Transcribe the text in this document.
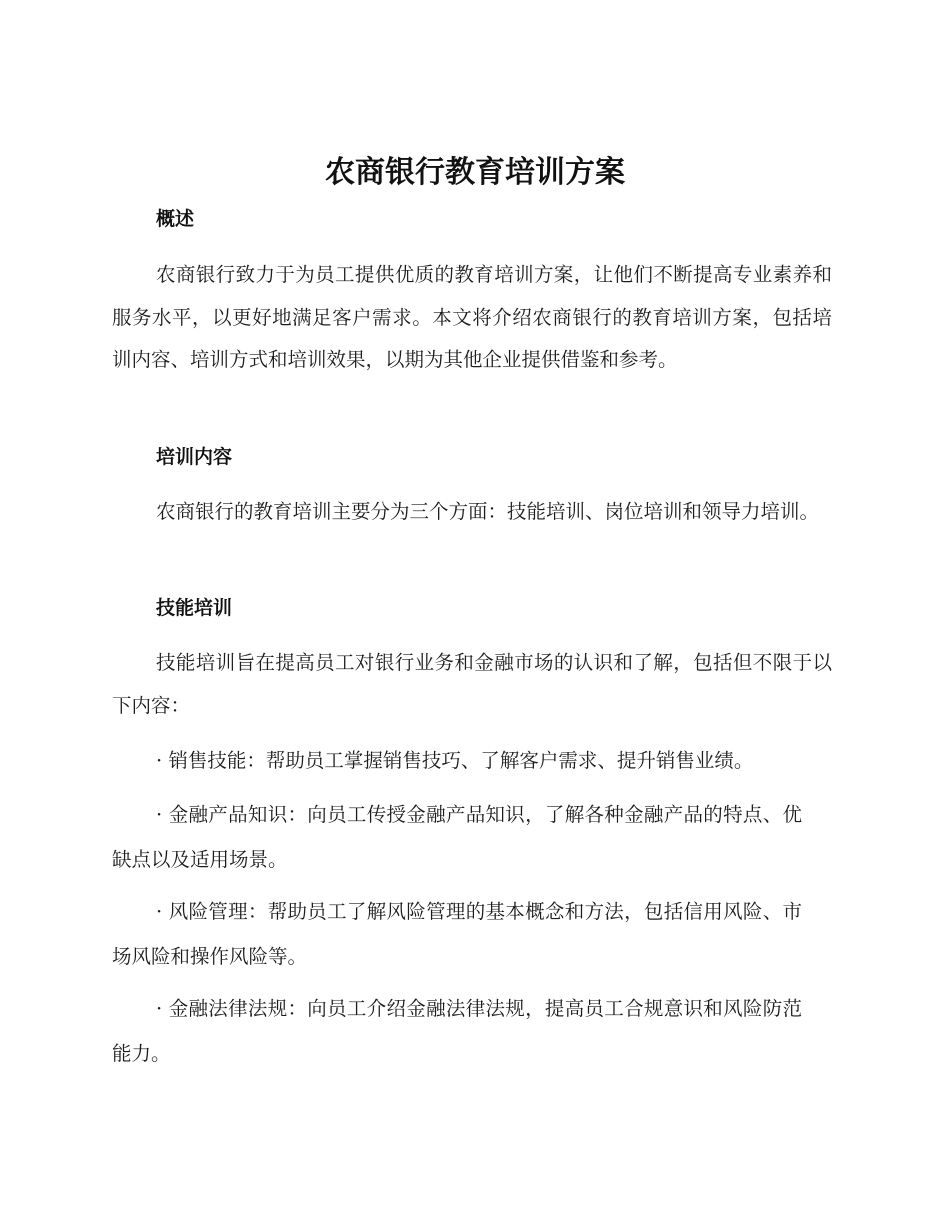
农商银行教育培训方案
概述

农商银行致力于为员工提供优质的教育培训方案，让他们不断提高专业素养和服务水平，以更好地满足客户需求。本文将介绍农商银行的教育培训方案，包括培训内容、培训方式和培训效果，以期为其他企业提供借鉴和参考。

培训内容

农商银行的教育培训主要分为三个方面：技能培训、岗位培训和领导力培训。

技能培训

技能培训旨在提高员工对银行业务和金融市场的认识和了解，包括但不限于以下内容：

· 销售技能：帮助员工掌握销售技巧、了解客户需求、提升销售业绩。

· 金融产品知识：向员工传授金融产品知识，了解各种金融产品的特点、优缺点以及适用场景。

· 风险管理：帮助员工了解风险管理的基本概念和方法，包括信用风险、市场风险和操作风险等。

· 金融法律法规：向员工介绍金融法律法规，提高员工合规意识和风险防范能力。
